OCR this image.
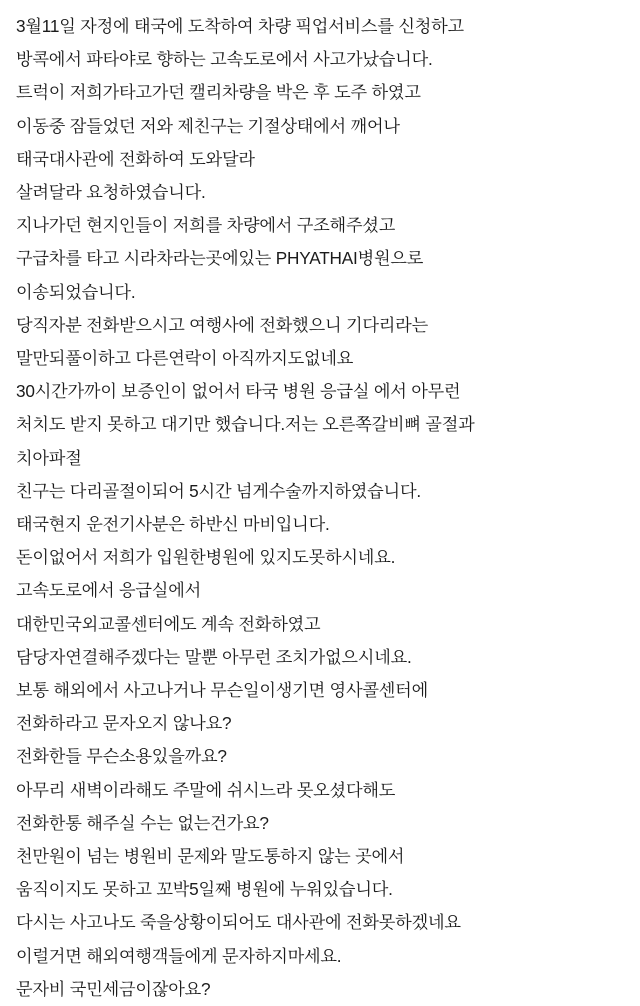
3월11일 자정에 태국에 도착하여 차량 픽업서비스를 신청하고
방콕에서 파타야로 향하는 고속도로에서 사고가났습니다.
트럭이 저희가타고가던 캘리차량을 박은 후 도주 하였고
이동중 잠들었던 저와 제친구는 기절상태에서 깨어나
태국대사관에 전화하여 도와달라
살려달라 요청하였습니다.
지나가던 현지인들이 저희를 차량에서 구조해주셨고
구급차를 타고 시라차라는곳에있는 PHYATHAI병원으로
이송되었습니다.
당직자분 전화받으시고 여행사에 전화했으니 기다리라는
말만되풀이하고 다른연락이 아직까지도없네요
30시간가까이 보증인이 없어서 타국 병원 응급실 에서 아무런
처치도 받지 못하고 대기만 했습니다.저는 오른쪽갈비뼈 골절과
치아파절
친구는 다리골절이되어 5시간 넘게수술까지하였습니다.
태국현지 운전기사분은 하반신 마비입니다.
돈이없어서 저희가 입원한병원에 있지도못하시네요.
고속도로에서 응급실에서
대한민국외교콜센터에도 계속 전화하였고
담당자연결해주겠다는 말뿐 아무런 조치가없으시네요.
보통 해외에서 사고나거나 무슨일이생기면 영사콜센터에
전화하라고 문자오지 않나요?
전화한들 무슨소용있을까요?
아무리 새벽이라해도 주말에 쉬시느라 못오셨다해도
전화한통 해주실 수는 없는건가요?
천만원이 넘는 병원비 문제와 말도통하지 않는 곳에서
움직이지도 못하고 꼬박5일째 병원에 누워있습니다.
다시는 사고나도 죽을상황이되어도 대사관에 전화못하겠네요
이럴거면 해외여행객들에게 문자하지마세요.
문자비 국민세금이잖아요?
